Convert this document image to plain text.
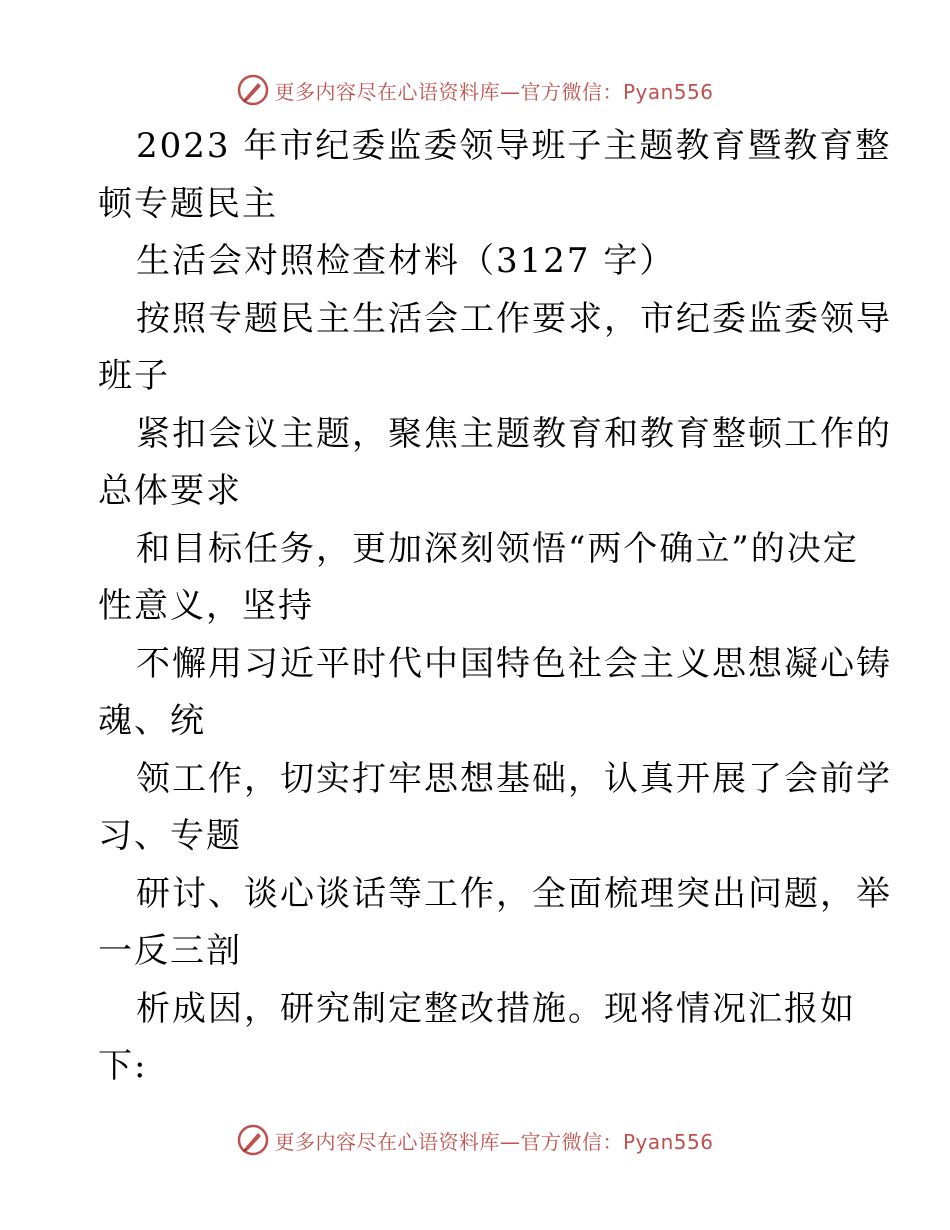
更多内容尽在心语资料库—官方微信：Pyan556
2023 年市纪委监委领导班子主题教育暨教育整
顿专题民主
生活会对照检查材料（3127 字）
按照专题民主生活会工作要求，市纪委监委领导
班子
紧扣会议主题，聚焦主题教育和教育整顿工作的
总体要求
和目标任务，更加深刻领悟“两个确立”的决定
性意义，坚持
不懈用习近平时代中国特色社会主义思想凝心铸
魂、统
领工作，切实打牢思想基础，认真开展了会前学
习、专题
研讨、谈心谈话等工作，全面梳理突出问题，举
一反三剖
析成因，研究制定整改措施。现将情况汇报如
下:
更多内容尽在心语资料库—官方微信：Pyan556
